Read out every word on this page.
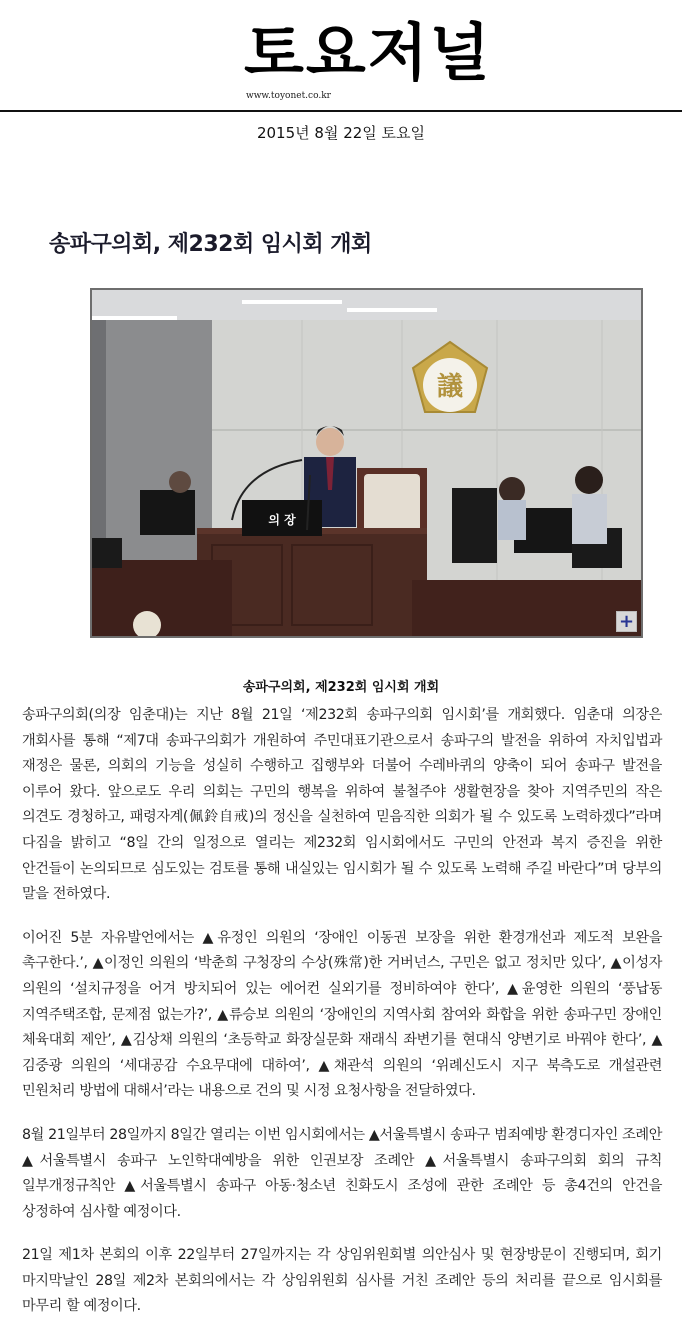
토요저널
www.toyonet.co.kr
2015년 8월 22일 토요일
송파구의회, 제232회 임시회 개회
議
의 장
+
송파구의회, 제232회 임시회 개회

송파구의회(의장 임춘대)는 지난 8월 21일 ‘제232회 송파구의회 임시회’를 개회했다. 임춘대 의장은 개회사를 통해 “제7대 송파구의회가 개원하여 주민대표기관으로서 송파구의 발전을 위하여 자치입법과 재정은 물론, 의회의 기능을 성실히 수행하고 집행부와 더불어 수레바퀴의 양축이 되어 송파구 발전을 이루어 왔다. 앞으로도 우리 의회는 구민의 행복을 위하여 불철주야 생활현장을 찾아 지역주민의 작은 의견도 경청하고, 패령자계(佩鈴自戒)의 정신을 실천하여 믿음직한 의회가 될 수 있도록 노력하겠다”라며 다짐을 밝히고 “8일 간의 일정으로 열리는 제232회 임시회에서도 구민의 안전과 복지 증진을 위한 안건들이 논의되므로 심도있는 검토를 통해 내실있는 임시회가 될 수 있도록 노력해 주길 바란다”며 당부의 말을 전하였다.

이어진 5분 자유발언에서는 ▲유정인 의원의 ‘장애인 이동권 보장을 위한 환경개선과 제도적 보완을 촉구한다.’, ▲이정인 의원의 ‘박춘희 구청장의 수상(殊常)한 거버넌스, 구민은 없고 정치만 있다’, ▲이성자 의원의 ‘설치규정을 어겨 방치되어 있는 에어컨 실외기를 정비하여야 한다’, ▲윤영한 의원의 ‘풍납동 지역주택조합, 문제점 없는가?’, ▲류승보 의원의 ‘장애인의 지역사회 참여와 화합을 위한 송파구민 장애인 체육대회 제안’, ▲김상채 의원의 ‘초등학교 화장실문화 재래식 좌변기를 현대식 양변기로 바꿔야 한다’, ▲김중광 의원의 ‘세대공감 수요무대에 대하여’, ▲채관석 의원의 ‘위례신도시 지구 북측도로 개설관련 민원처리 방법에 대해서’라는 내용으로 건의 및 시정 요청사항을 전달하였다.

8월 21일부터 28일까지 8일간 열리는 이번 임시회에서는 ▲서울특별시 송파구 범죄예방 환경디자인 조례안 ▲서울특별시 송파구 노인학대예방을 위한 인권보장 조례안 ▲서울특별시 송파구의회 회의 규칙 일부개정규칙안 ▲서울특별시 송파구 아동·청소년 친화도시 조성에 관한 조례안 등 총4건의 안건을 상정하여 심사할 예정이다.

21일 제1차 본회의 이후 22일부터 27일까지는 각 상임위원회별 의안심사 및 현장방문이 진행되며, 회기 마지막날인 28일 제2차 본회의에서는 각 상임위원회 심사를 거친 조례안 등의 처리를 끝으로 임시회를 마무리 할 예정이다.
